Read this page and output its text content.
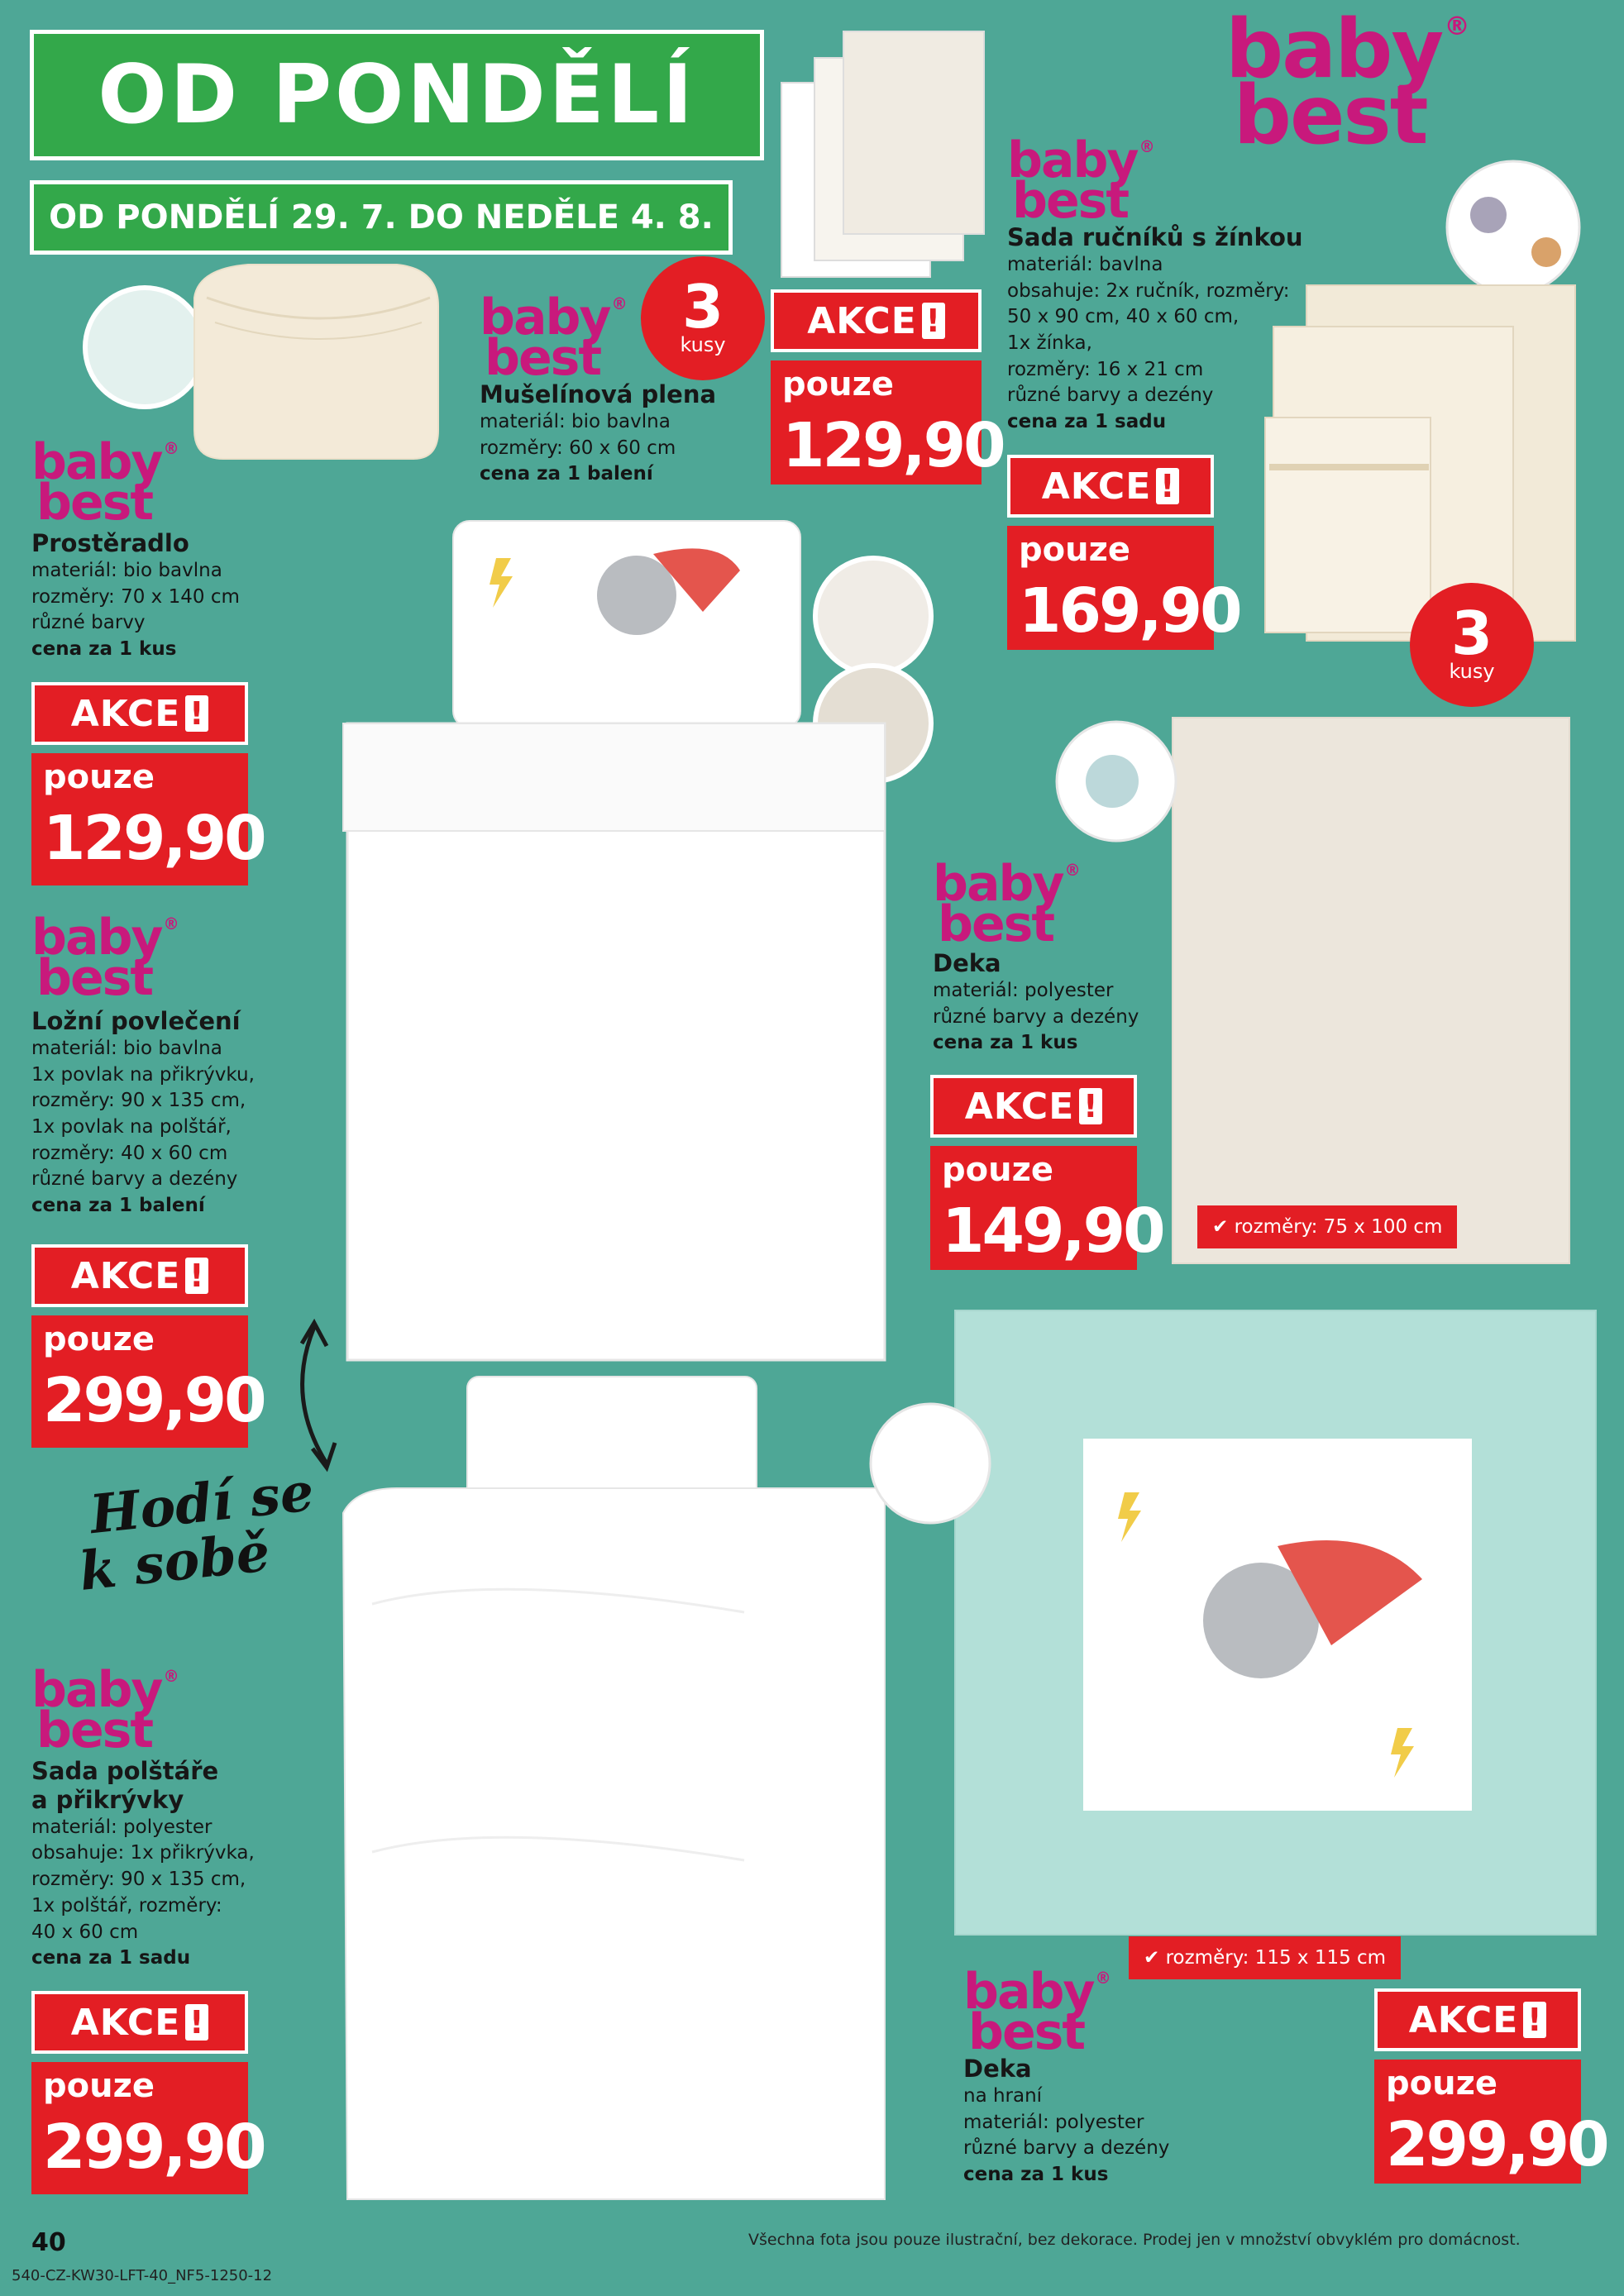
OD PONDĚLÍ
OD PONDĚLÍ 29. 7. DO NEDĚLE 4. 8.
baby®
best
baby ®
best
Prostěradlo
materiál: bio bavlna
rozměry: 70 x 140 cm
různé barvy
cena za 1 kus
AKCE !
pouze
129,90
3
kusy
baby ®
best
Mušelínová plena
materiál: bio bavlna
rozměry: 60 x 60 cm
cena za 1 balení
AKCE !
pouze
129,90
baby ®
best
Sada ručníků s žínkou
materiál: bavlna
obsahuje: 2x ručník, rozměry:
50 x 90 cm, 40 x 60 cm,
1x žínka,
rozměry: 16 x 21 cm
různé barvy a dezény
cena za 1 sadu
AKCE !
pouze
169,90	3
kusy
baby ®
best
Ložní povlečení
materiál: bio bavlna
1x povlak na přikrývku,
rozměry: 90 x 135 cm,
1x povlak na polštář,
rozměry: 40 x 60 cm
různé barvy a dezény
cena za 1 balení
AKCE !
pouze
299,90
baby ®
best
Deka
materiál: polyester
různé barvy a dezény
cena za 1 kus
AKCE !
pouze
149,90	✔ rozměry: 75 x 100 cm
Hodí se
k sobě
baby ®
best
Sada polštáře
a přikrývky
materiál: polyester
obsahuje: 1x přikrývka,
rozměry: 90 x 135 cm,
1x polštář, rozměry:
40 x 60 cm
cena za 1 sadu
AKCE !
pouze
299,90
✔ rozměry: 115 x 115 cm
baby ®
best
Deka
na hraní
materiál: polyester
různé barvy a dezény
cena za 1 kus
AKCE !
pouze
299,90
40
540-CZ-KW30-LFT-40_NF5-1250-12
Všechna fota jsou pouze ilustrační, bez dekorace. Prodej jen v množství obvyklém pro domácnost.
